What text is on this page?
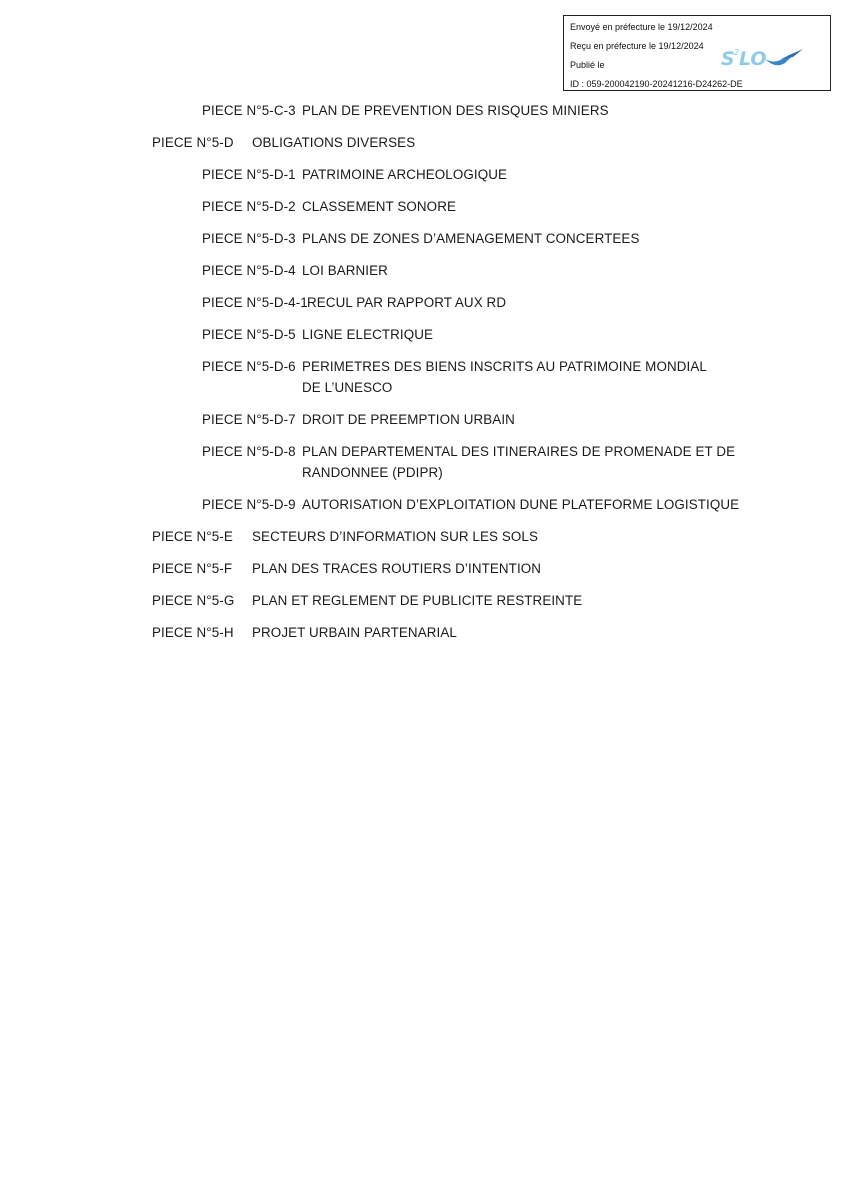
Envoyé en préfecture le 19/12/2024
Reçu en préfecture le 19/12/2024
Publié le
ID : 059-200042190-20241216-D24262-DE
S 2 LO
PIECE N°5-C-3 PLAN DE PREVENTION DES RISQUES MINIERS
PIECE N°5-D OBLIGATIONS DIVERSES
PIECE N°5-D-1 PATRIMOINE ARCHEOLOGIQUE
PIECE N°5-D-2 CLASSEMENT SONORE
PIECE N°5-D-3 PLANS DE ZONES D’AMENAGEMENT CONCERTEES
PIECE N°5-D-4 LOI BARNIER
PIECE N°5-D-4-1 RECUL PAR RAPPORT AUX RD
PIECE N°5-D-5 LIGNE ELECTRIQUE
PIECE N°5-D-6 PERIMETRES DES BIENS INSCRITS AU PATRIMOINE MONDIAL
DE L’UNESCO
PIECE N°5-D-7 DROIT DE PREEMPTION URBAIN
PIECE N°5-D-8 PLAN DEPARTEMENTAL DES ITINERAIRES DE PROMENADE ET DE
RANDONNEE (PDIPR)
PIECE N°5-D-9 AUTORISATION D’EXPLOITATION DUNE PLATEFORME LOGISTIQUE
PIECE N°5-E SECTEURS D’INFORMATION SUR LES SOLS
PIECE N°5-F PLAN DES TRACES ROUTIERS D’INTENTION
PIECE N°5-G PLAN ET REGLEMENT DE PUBLICITE RESTREINTE
PIECE N°5-H PROJET URBAIN PARTENARIAL
